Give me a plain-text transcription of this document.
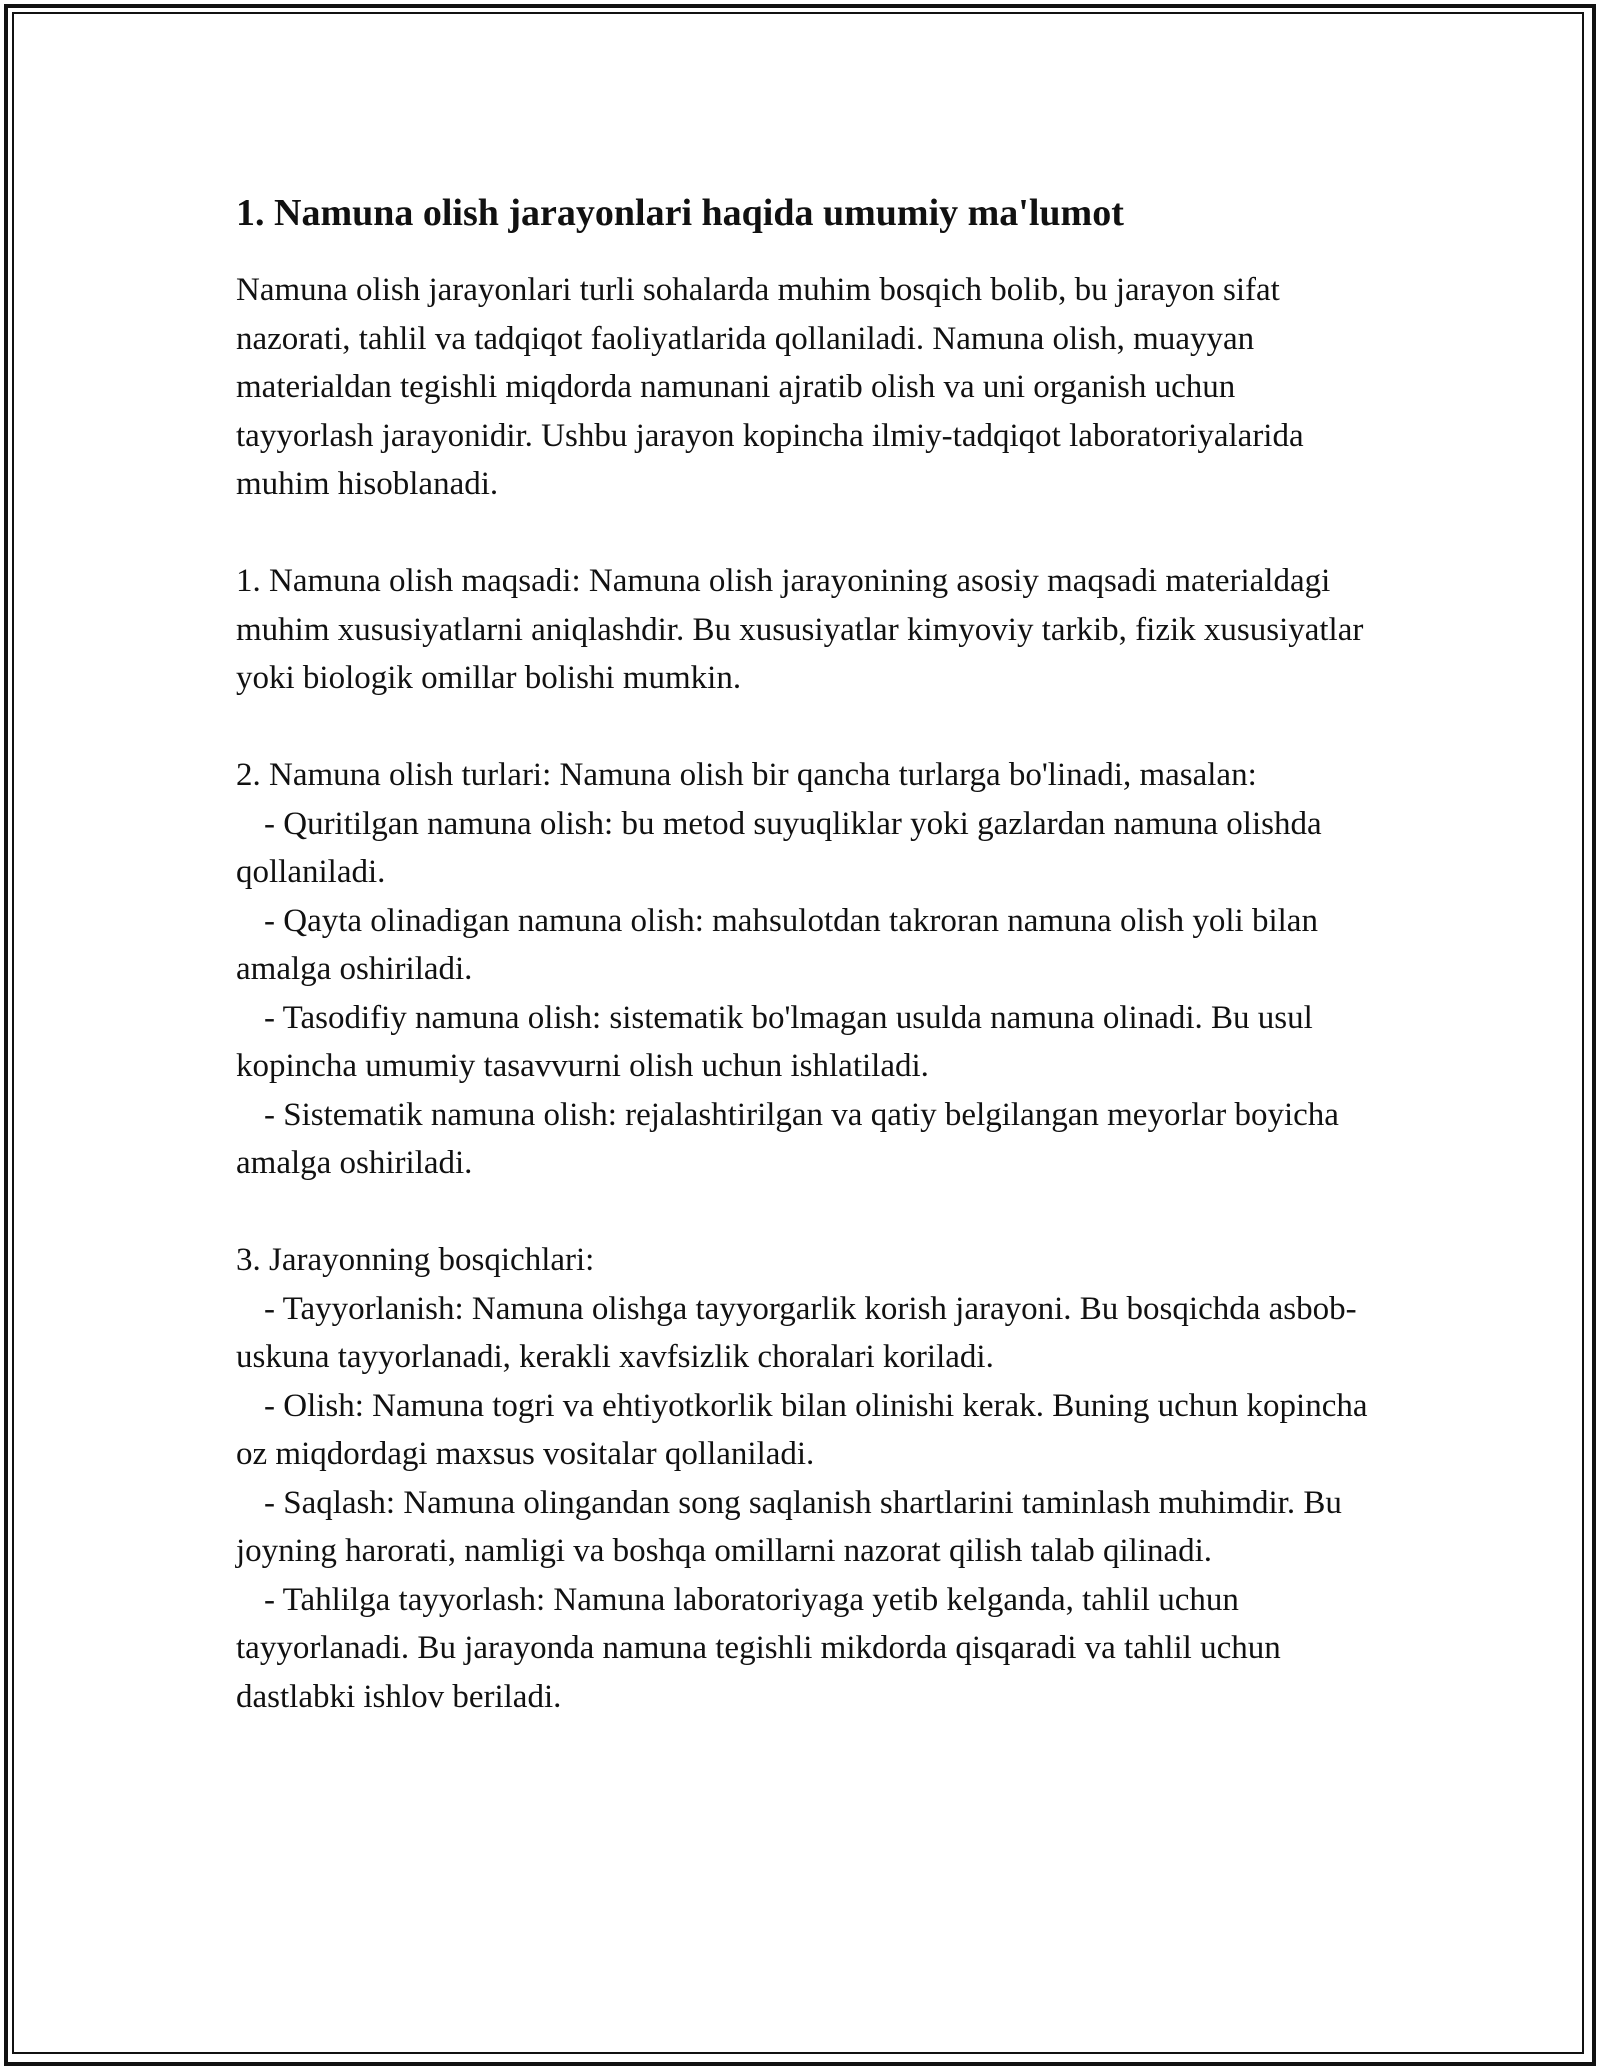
1. Namuna olish jarayonlari haqida umumiy ma'lumot

Namuna olish jarayonlari turli sohalarda muhim bosqich bolib, bu jarayon sifat nazorati, tahlil va tadqiqot faoliyatlarida qollaniladi. Namuna olish, muayyan materialdan tegishli miqdorda namunani ajratib olish va uni organish uchun tayyorlash jarayonidir. Ushbu jarayon kopincha ilmiy-tadqiqot laboratoriyalarida muhim hisoblanadi.

1. Namuna olish maqsadi: Namuna olish jarayonining asosiy maqsadi materialdagi muhim xususiyatlarni aniqlashdir. Bu xususiyatlar kimyoviy tarkib, fizik xususiyatlar yoki biologik omillar bolishi mumkin.

2. Namuna olish turlari: Namuna olish bir qancha turlarga bo'linadi, masalan:

- Quritilgan namuna olish: bu metod suyuqliklar yoki gazlardan namuna olishda qollaniladi.

- Qayta olinadigan namuna olish: mahsulotdan takroran namuna olish yoli bilan amalga oshiriladi.

- Tasodifiy namuna olish: sistematik bo'lmagan usulda namuna olinadi. Bu usul kopincha umumiy tasavvurni olish uchun ishlatiladi.

- Sistematik namuna olish: rejalashtirilgan va qatiy belgilangan meyorlar boyicha amalga oshiriladi.

3. Jarayonning bosqichlari:

- Tayyorlanish: Namuna olishga tayyorgarlik korish jarayoni. Bu bosqichda asbob-uskuna tayyorlanadi, kerakli xavfsizlik choralari koriladi.

- Olish: Namuna togri va ehtiyotkorlik bilan olinishi kerak. Buning uchun kopincha oz miqdordagi maxsus vositalar qollaniladi.

- Saqlash: Namuna olingandan song saqlanish shartlarini taminlash muhimdir. Bu joyning harorati, namligi va boshqa omillarni nazorat qilish talab qilinadi.

- Tahlilga tayyorlash: Namuna laboratoriyaga yetib kelganda, tahlil uchun tayyorlanadi. Bu jarayonda namuna tegishli mikdorda qisqaradi va tahlil uchun dastlabki ishlov beriladi.
